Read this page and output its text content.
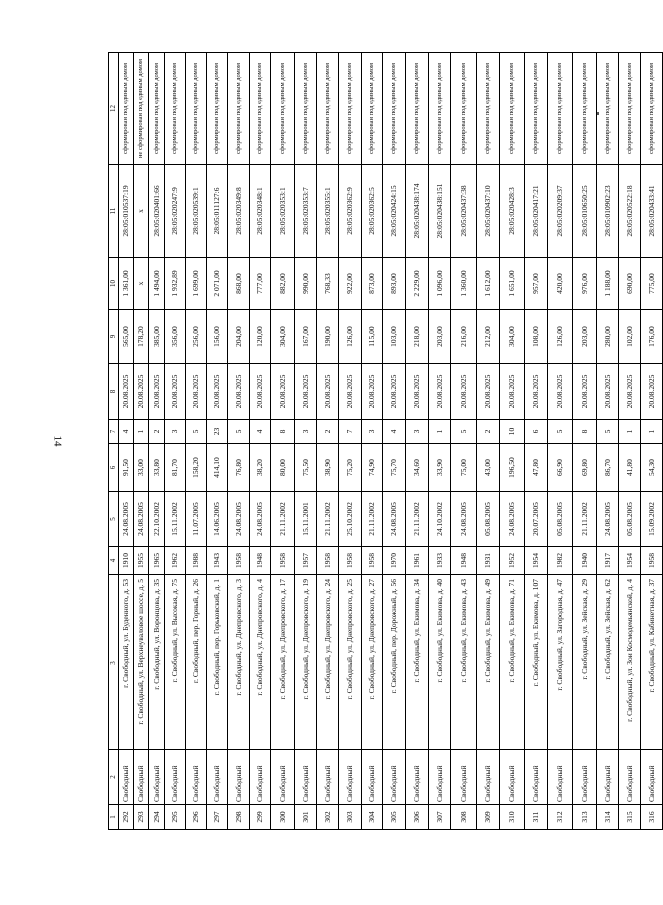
14
1	2	3	4	5	6	7	8	9	10	11	12
292	Свободный	г. Свободный, ул. Буденного, д. 53	1910	24.08.2005	91,50	4	20.08.2025	565,00	1 361,00	28:05:010537:19	сформирован под единым домом
293	Свободный	г. Свободный, ул. Верхнеуваловое шоссе, д. 5	1955	24.08.2005	33,00	1	20.08.2025	178,20	x	x	не сформирован под единым домом
294	Свободный	г. Свободный, ул. Воронцова, д. 35	1965	22.10.2002	33,80	2	20.08.2025	385,00	1 494,00	28:05:020401:66	сформирован под единым домом
295	Свободный	г. Свободный, ул. Высокая, д. 75	1962	15.11.2002	81,70	3	20.08.2025	356,00	1 932,89	28:05:020247:9	сформирован под единым домом
296	Свободный	г. Свободный, пер. Горный, д. 26	1988	11.07.2005	158,20	5	20.08.2025	256,00	1 699,00	28:05:020539:1	сформирован под единым домом
297	Свободный	г. Свободный, пер. Горьковский, д. 1	1943	14.06.2005	414,10	23	20.08.2025	156,00	2 071,00	28:05:011127:6	сформирован под единым домом
298	Свободный	г. Свободный, ул. Днепровского, д. 3	1958	24.08.2005	76,80	5	20.08.2025	204,00	868,00	28:05:020349:8	сформирован под единым домом
299	Свободный	г. Свободный, ул. Днепровского, д. 4	1948	24.08.2005	38,20	4	20.08.2025	120,00	777,00	28:05:020348:1	сформирован под единым домом
300	Свободный	г. Свободный, ул. Днепровского, д. 17	1958	21.11.2002	80,00	8	20.08.2025	304,00	882,00	28:05:020353:1	сформирован под единым домом
301	Свободный	г. Свободный, ул. Днепровского, д. 19	1957	15.11.2001	75,50	3	20.08.2025	167,00	990,00	28:05:020353:7	сформирован под единым домом
302	Свободный	г. Свободный, ул. Днепровского, д. 24	1958	21.11.2002	38,90	2	20.08.2025	190,00	768,33	28:05:020355:1	сформирован под единым домом
303	Свободный	г. Свободный, ул. Днепровского, д. 25	1958	25.10.2002	75,20	7	20.08.2025	126,00	922,00	28:05:020362:9	сформирован под единым домом
304	Свободный	г. Свободный, ул. Днепровского, д. 27	1958	21.11.2002	74,90	3	20.08.2025	115,00	873,00	28:05:020362:5	сформирован под единым домом
305	Свободный	г. Свободный, пер. Дорожный, д. 56	1970	24.08.2005	75,70	4	20.08.2025	103,00	893,00	28:05:020424:15	сформирован под единым домом
306	Свободный	г. Свободный, ул. Екимова, д. 34	1961	21.11.2002	34,60	3	20.08.2025	218,00	2 229,00	28:05:020438:174	сформирован под единым домом
307	Свободный	г. Свободный, ул. Екимова, д. 40	1933	24.10.2002	33,90	1	20.08.2025	203,00	1 096,00	28:05:020438:151	сформирован под единым домом
308	Свободный	г. Свободный, ул. Екимова, д. 43	1948	24.08.2005	75,00	5	20.08.2025	216,00	1 360,00	28:05:020437:38	сформирован под единым домом
309	Свободный	г. Свободный, ул. Екимова, д. 49	1931	05.08.2005	43,00	2	20.08.2025	212,00	1 612,00	28:05:020437:10	сформирован под единым домом
310	Свободный	г. Свободный, ул. Екимова, д. 71	1952	24.08.2005	196,50	10	20.08.2025	304,00	1 651,00	28:05:020428:3	сформирован под единым домом
311	Свободный	г. Свободный, ул. Екимова, д. 107	1954	20.07.2005	47,80	6	20.08.2025	108,00	957,00	28:05:020417:21	сформирован под единым домом
312	Свободный	г. Свободный, ул. Загородная, д. 47	1982	05.08.2005	66,90	5	20.08.2025	126,00	420,00	28:05:020209:37	сформирован под единым домом
313	Свободный	г. Свободный, ул. Зейская, д. 29	1940	21.11.2002	69,80	8	20.08.2025	203,00	976,00	28:05:010650:25	сформирован под единым домом
314	Свободный	г. Свободный, ул. Зейская, д. 62	1917	24.08.2005	86,70	5	20.08.2025	280,00	1 188,00	28:05:010902:23	сформирован под единым домом
315	Свободный	г. Свободный, ул. Зои Космодемьянской, д. 4	1954	05.08.2005	41,80	1	20.08.2025	102,00	690,00	28:05:020522:18	сформирован под единым домом
316	Свободный	г. Свободный, ул. Кабинетная, д. 37	1958	15.09.2002	54,30	1	20.08.2025	176,00	775,00	28:05:020433:41	сформирован под единым домом
